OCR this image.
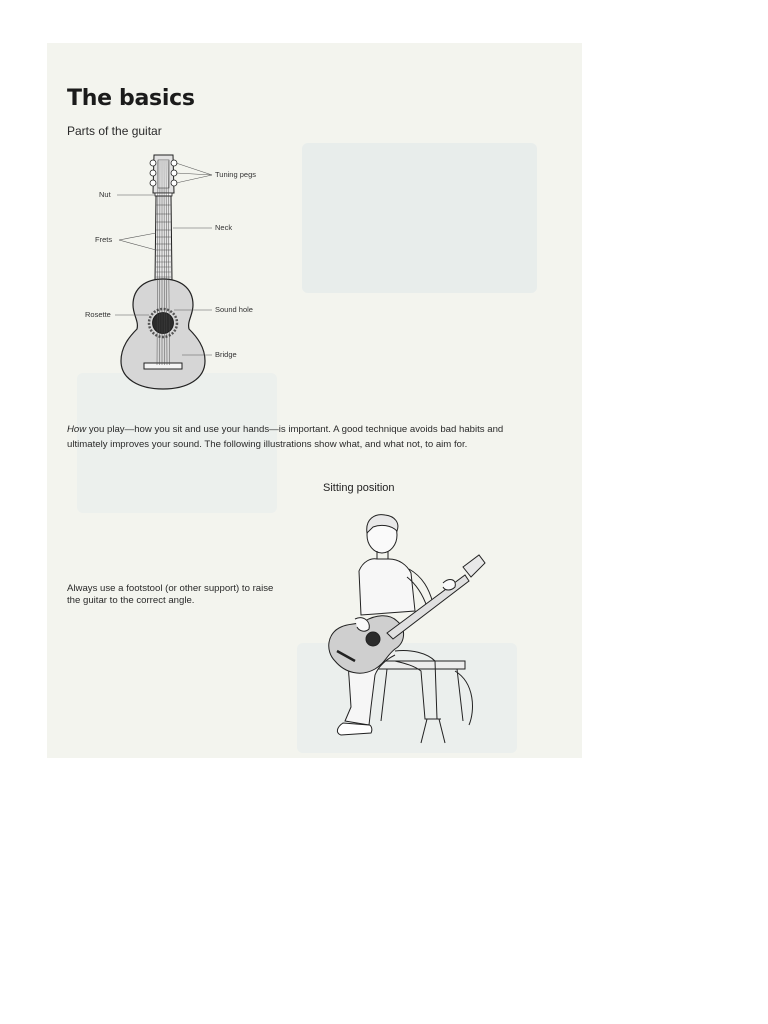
The basics
Parts of the guitar
Tuning pegs
Nut
Neck
Frets
Rosette
Sound hole
Bridge

How you play—how you sit and use your hands—is important. A good technique avoids bad habits and ultimately improves your sound. The following illustrations show what, and what not, to aim for.

Sitting position

Always use a footstool (or other support) to raise the guitar to the correct angle.
